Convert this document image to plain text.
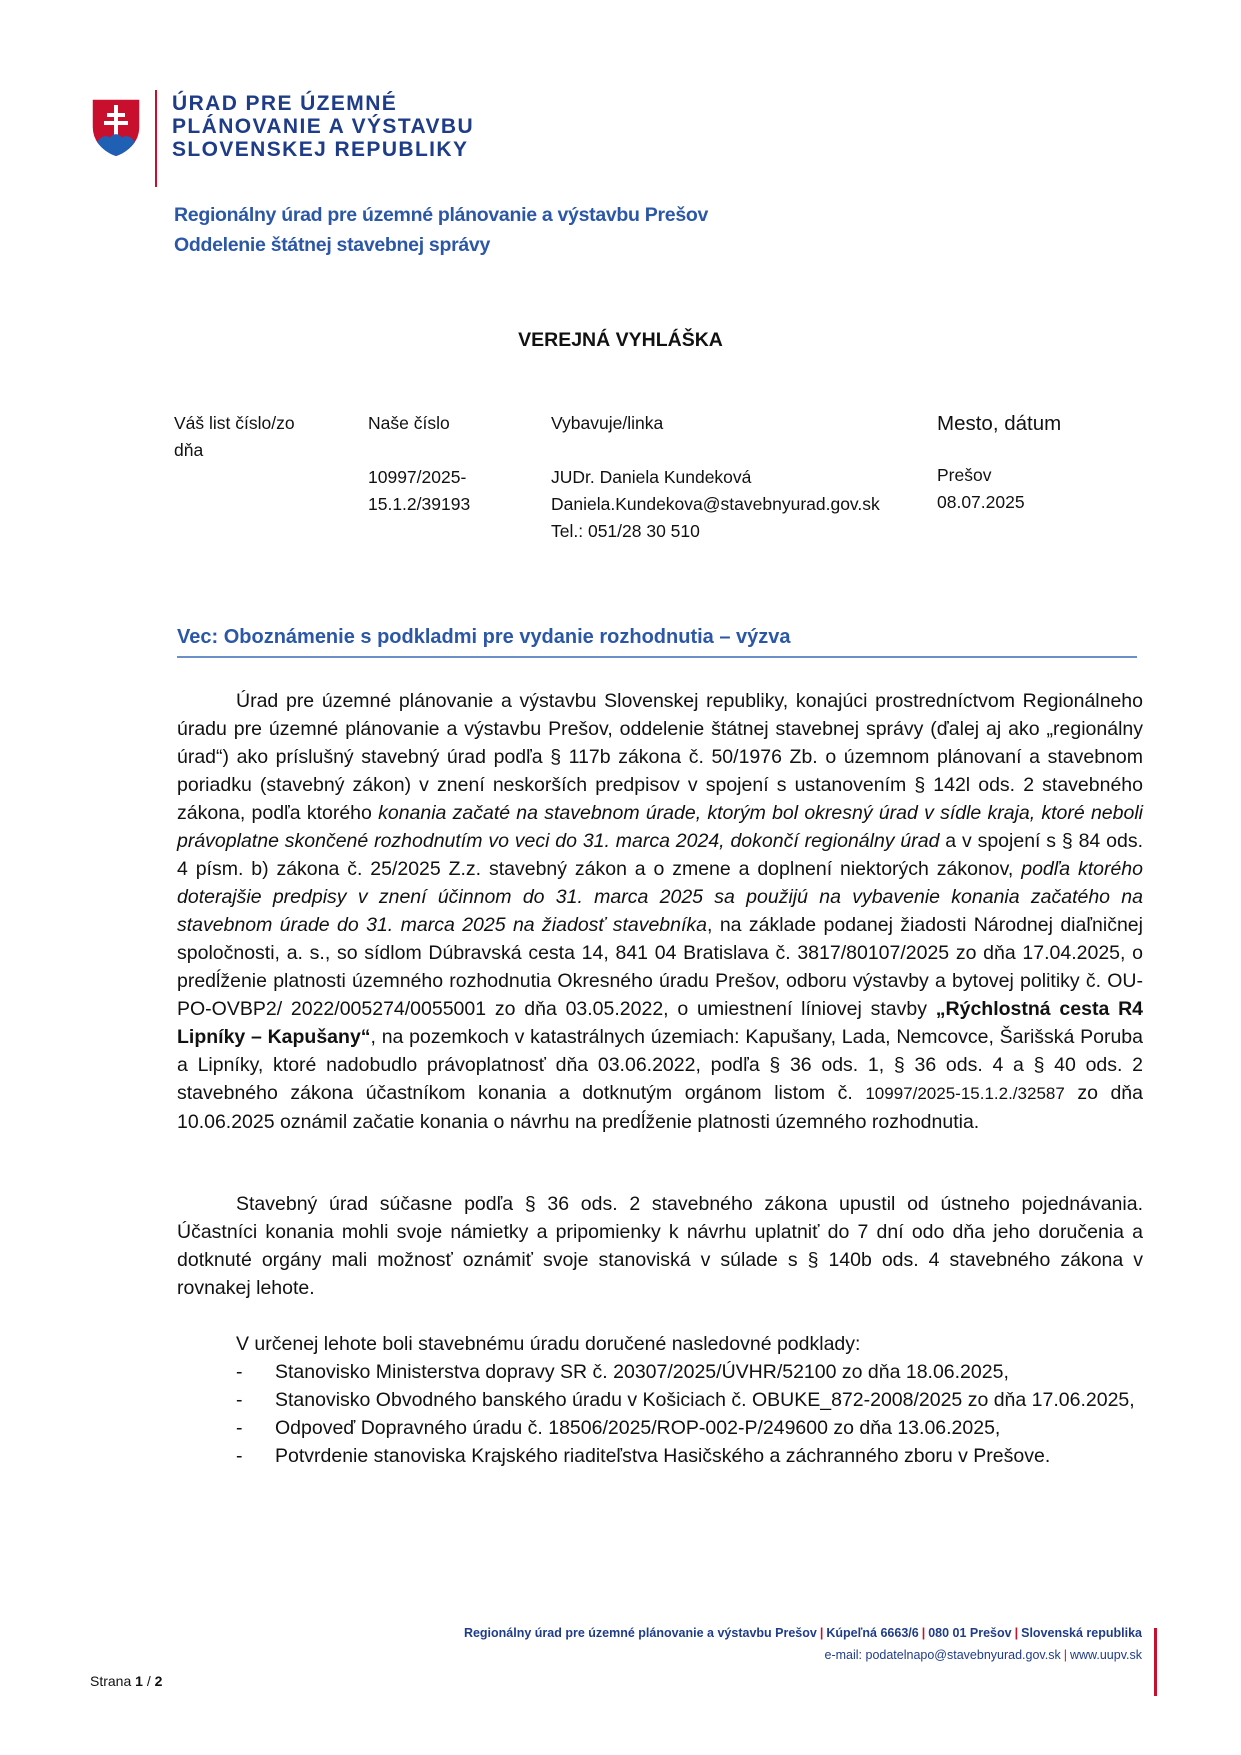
ÚRAD PRE ÚZEMNÉ
PLÁNOVANIE A VÝSTAVBU
SLOVENSKEJ REPUBLIKY
Regionálny úrad pre územné plánovanie a výstavbu Prešov
Oddelenie štátnej stavebnej správy
VEREJNÁ VYHLÁŠKA
Váš list číslo/zo
dňa
Naše číslo
10997/2025-
15.1.2/39193
Vybavuje/linka
JUDr. Daniela Kundeková
Daniela.Kundekova@stavebnyurad.gov.sk
Tel.: 051/28 30 510
Mesto, dátum
Prešov
08.07.2025
Vec: Oboznámenie s podkladmi pre vydanie rozhodnutia – výzva

Úrad pre územné plánovanie a výstavbu Slovenskej republiky, konajúci prostredníctvom Regionálneho úradu pre územné plánovanie a výstavbu Prešov, oddelenie štátnej stavebnej správy (ďalej aj ako „regionálny úrad“) ako príslušný stavebný úrad podľa § 117b zákona č. 50/1976 Zb. o územnom plánovaní a stavebnom poriadku (stavebný zákon) v znení neskorších predpisov v spojení s ustanovením § 142l ods. 2 stavebného zákona, podľa ktorého konania začaté na stavebnom úrade, ktorým bol okresný úrad v sídle kraja, ktoré neboli právoplatne skončené rozhodnutím vo veci do 31. marca 2024, dokončí regionálny úrad a v spojení s § 84 ods. 4 písm. b) zákona č. 25/2025 Z.z. stavebný zákon a o zmene a doplnení niektorých zákonov, podľa ktorého doterajšie predpisy v znení účinnom do 31. marca 2025 sa použijú na vybavenie konania začatého na stavebnom úrade do 31. marca 2025 na žiadosť stavebníka, na základe podanej žiadosti Národnej diaľničnej spoločnosti, a. s., so sídlom Dúbravská cesta 14, 841 04 Bratislava č. 3817/80107/2025 zo dňa 17.04.2025, o predĺženie platnosti územného rozhodnutia Okresného úradu Prešov, odboru výstavby a bytovej politiky č. OU-PO-OVBP2/ 2022/005274/0055001 zo dňa 03.05.2022, o umiestnení líniovej stavby „Rýchlostná cesta R4 Lipníky – Kapušany“, na pozemkoch v katastrálnych územiach: Kapušany, Lada, Nemcovce, Šarišská Poruba a Lipníky, ktoré nadobudlo právoplatnosť dňa 03.06.2022, podľa § 36 ods. 1, § 36 ods. 4 a § 40 ods. 2 stavebného zákona účastníkom konania a dotknutým orgánom listom č. 10997/2025-15.1.2./32587 zo dňa 10.06.2025 oznámil začatie konania o návrhu na predĺženie platnosti územného rozhodnutia.

Stavebný úrad súčasne podľa § 36 ods. 2 stavebného zákona upustil od ústneho pojednávania. Účastníci konania mohli svoje námietky a pripomienky k návrhu uplatniť do 7 dní odo dňa jeho doručenia a dotknuté orgány mali možnosť oznámiť svoje stanoviská v súlade s § 140b ods. 4 stavebného zákona v rovnakej lehote.

V určenej lehote boli stavebnému úradu doručené nasledovné podklady:
- Stanovisko Ministerstva dopravy SR č. 20307/2025/ÚVHR/52100 zo dňa 18.06.2025,
- Stanovisko Obvodného banského úradu v Košiciach č. OBUKE_872-2008/2025 zo dňa 17.06.2025,
- Odpoveď Dopravného úradu č. 18506/2025/ROP-002-P/249600 zo dňa 13.06.2025,
- Potvrdenie stanoviska Krajského riaditeľstva Hasičského a záchranného zboru v Prešove.
Regionálny úrad pre územné plánovanie a výstavbu Prešov | Kúpeľná 6663/6 | 080 01 Prešov | Slovenská republika
e-mail: podatelnapo@stavebnyurad.gov.sk | www.uupv.sk
Strana 1 / 2
